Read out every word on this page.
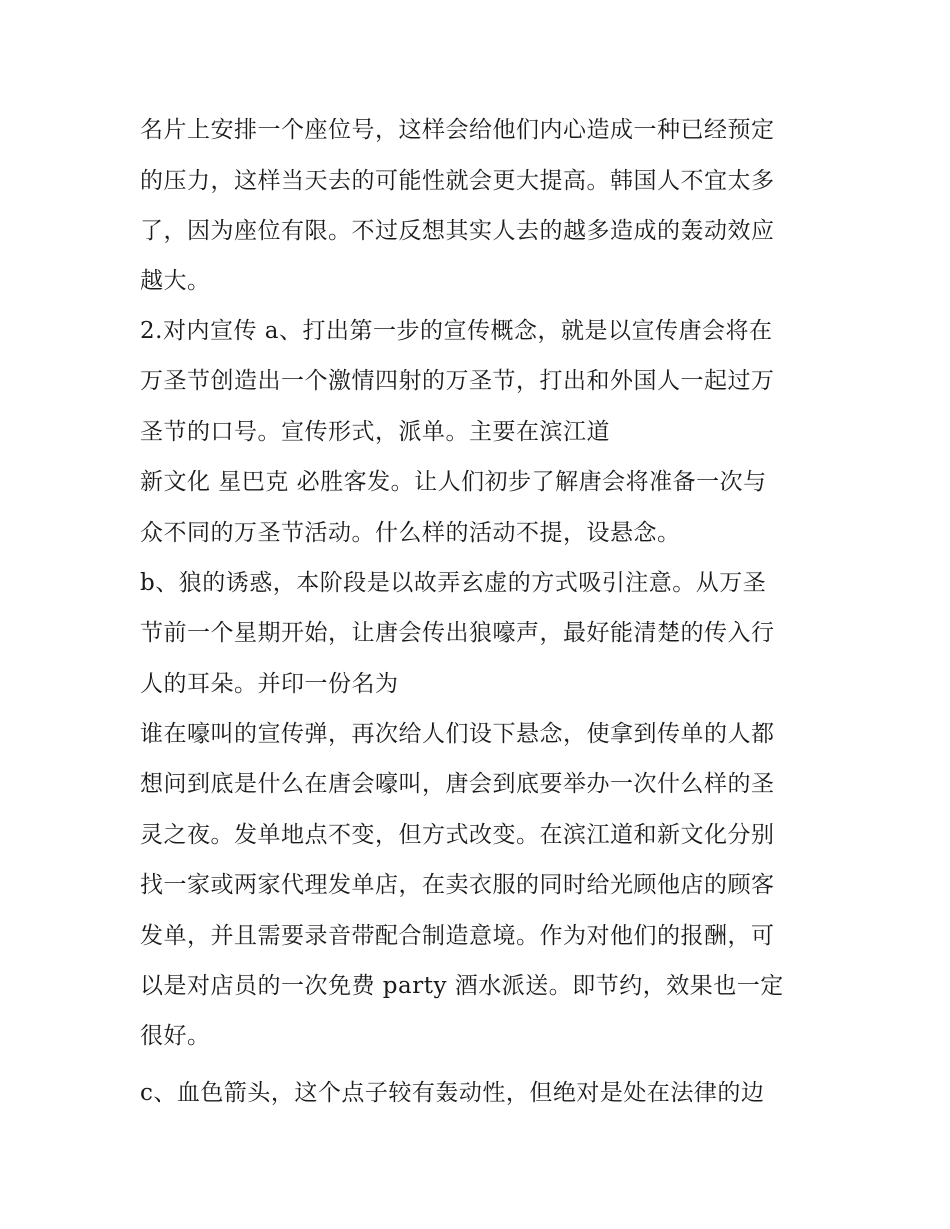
名片上安排一个座位号，这样会给他们内心造成一种已经预定
的压力，这样当天去的可能性就会更大提高。韩国人不宜太多
了，因为座位有限。不过反想其实人去的越多造成的轰动效应
越大。
2.对内宣传 a、打出第一步的宣传概念，就是以宣传唐会将在
万圣节创造出一个激情四射的万圣节，打出和外国人一起过万
圣节的口号。宣传形式，派单。主要在滨江道
新文化 星巴克 必胜客发。让人们初步了解唐会将准备一次与
众不同的万圣节活动。什么样的活动不提，设悬念。
b、狼的诱惑，本阶段是以故弄玄虚的方式吸引注意。从万圣
节前一个星期开始，让唐会传出狼嚎声，最好能清楚的传入行
人的耳朵。并印一份名为
谁在嚎叫的宣传弹，再次给人们设下悬念，使拿到传单的人都
想问到底是什么在唐会嚎叫，唐会到底要举办一次什么样的圣
灵之夜。发单地点不变，但方式改变。在滨江道和新文化分别
找一家或两家代理发单店，在卖衣服的同时给光顾他店的顾客
发单，并且需要录音带配合制造意境。作为对他们的报酬，可
以是对店员的一次免费 party 酒水派送。即节约，效果也一定
很好。
c、血色箭头，这个点子较有轰动性，但绝对是处在法律的边
